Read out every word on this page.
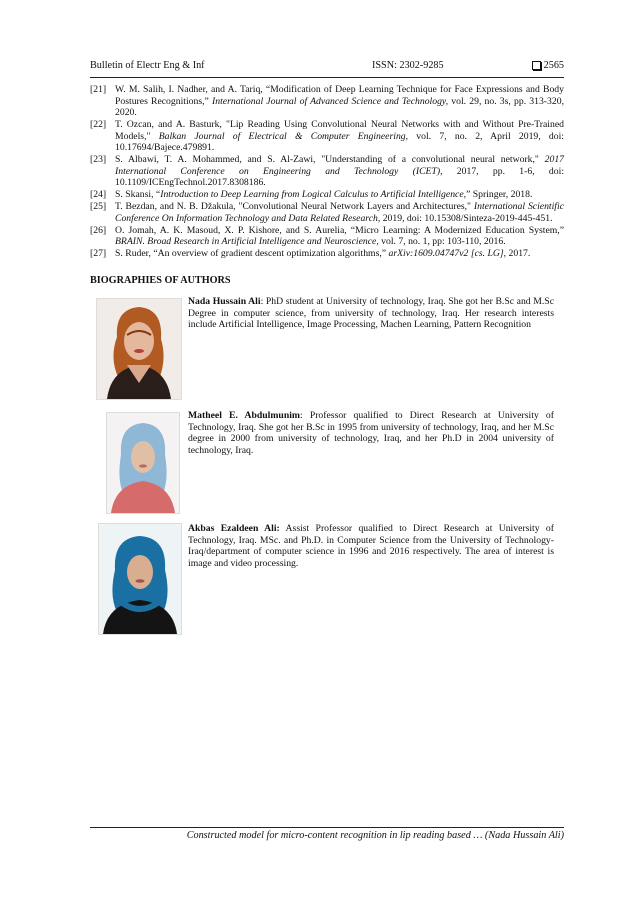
Bulletin of Electr Eng & Inf	ISSN: 2302-9285	2565
[21] W. M. Salih, I. Nadher, and A. Tariq, “Modification of Deep Learning Technique for Face Expressions and Body Postures Recognitions,” International Journal of Advanced Science and Technology, vol. 29, no. 3s, pp. 313-320, 2020.
[22] T. Ozcan, and A. Basturk, "Lip Reading Using Convolutional Neural Networks with and Without Pre-Trained Models," Balkan Journal of Electrical & Computer Engineering, vol. 7, no. 2, April 2019, doi: 10.17694/Bajece.479891.
[23] S. Albawi, T. A. Mohammed, and S. Al-Zawi, "Understanding of a convolutional neural network," 2017 International Conference on Engineering and Technology (ICET), 2017, pp. 1-6, doi: 10.1109/ICEngTechnol.2017.8308186.
[24] S. Skansi, “Introduction to Deep Learning from Logical Calculus to Artificial Intelligence,” Springer, 2018.
[25] T. Bezdan, and N. B. Džakula, "Convolutional Neural Network Layers and Architectures," International Scientific Conference On Information Technology and Data Related Research, 2019, doi: 10.15308/Sinteza-2019-445-451.
[26] O. Jomah, A. K. Masoud, X. P. Kishore, and S. Aurelia, “Micro Learning: A Modernized Education System,” BRAIN. Broad Research in Artificial Intelligence and Neuroscience, vol. 7, no. 1, pp: 103-110, 2016.
[27] S. Ruder, “An overview of gradient descent optimization algorithms,” arXiv:1609.04747v2 [cs. LG], 2017.
BIOGRAPHIES OF AUTHORS
Nada Hussain Ali: PhD student at University of technology, Iraq. She got her B.Sc and M.Sc Degree in computer science, from university of technology, Iraq. Her research interests include Artificial Intelligence, Image Processing, Machen Learning, Pattern Recognition
Matheel E. Abdulmunim: Professor qualified to Direct Research at University of Technology, Iraq. She got her B.Sc in 1995 from university of technology, Iraq, and her M.Sc degree in 2000 from university of technology, Iraq, and her Ph.D in 2004 university of technology, Iraq.
Akbas Ezaldeen Ali: Assist Professor qualified to Direct Research at University of Technology, Iraq. MSc. and Ph.D. in Computer Science from the University of Technology-Iraq/department of computer science in 1996 and 2016 respectively. The area of interest is image and video processing.
Constructed model for micro-content recognition in lip reading based … (Nada Hussain Ali)
